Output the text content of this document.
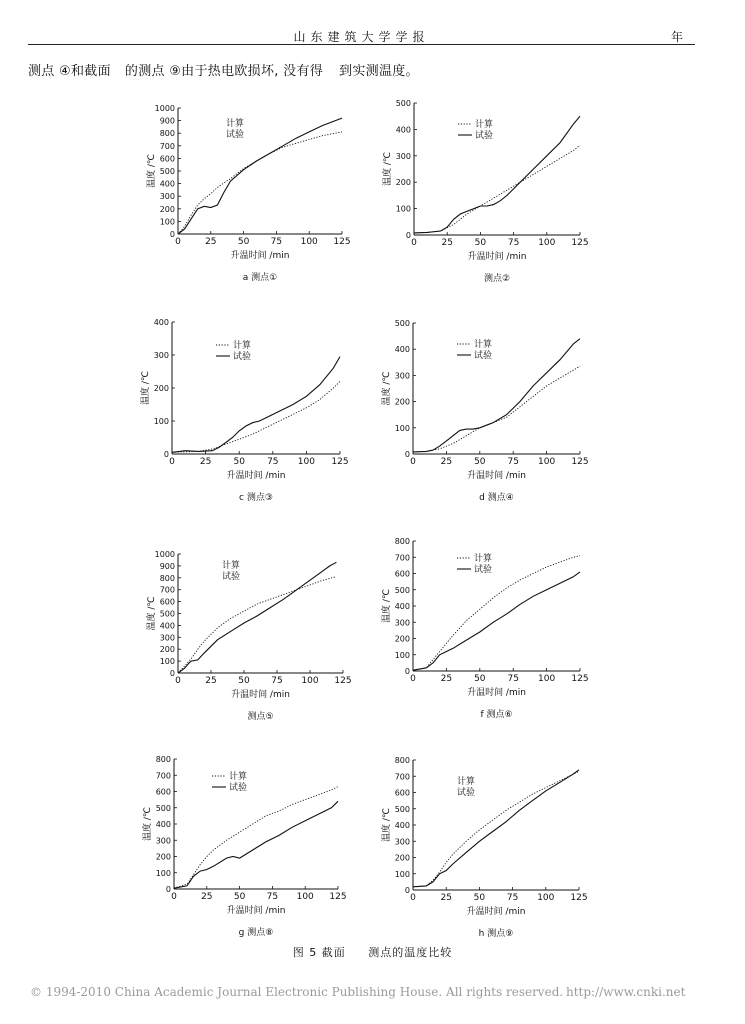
山东建筑大学学报	年
测点 ④和截面 的测点 ⑨由于热电欧损坏, 没有得 到实测温度。
0	25 50 75 100 125
0
100
200
300
400
500
600
700
800
900
1000
升温时间 /min
温度 /℃
a 测点①
计算
试验
0	25 50 75 100 125
0
100
200
300
400
500
升温时间 /min
温度 /℃
测点②
计算
试验
0	25 50 75 100 125
0
100
200
300
400
升温时间 /min
温度 /℃
c 测点③
计算
试验
0	25 50 75 100 125
0
100
200
300
400
500
升温时间 /min
温度 /℃
d 测点④
计算
试验
0	25 50 75 100 125
0
100
200
300
400
500
600
700
800
900
1000
升温时间 /min
温度 /℃
测点⑤
计算
试验
0	25 50 75 100 125
0
100
200
300
400
500
600
700
800
升温时间 /min
温度 /℃
f 测点⑥
计算
试验
0	25 50 75 100 125
0
100
200
300
400
500
600
700
800
升温时间 /min
温度 /℃
g 测点⑧
计算
试验
0	25 50 75 100 125
0
100
200
300
400
500
600
700
800
升温时间 /min
温度 /℃
h 测点⑨
计算
试验
图 5 截面 测点的温度比较
© 1994-2010 China Academic Journal Electronic Publishing House. All rights reserved. http://www.cnki.net
